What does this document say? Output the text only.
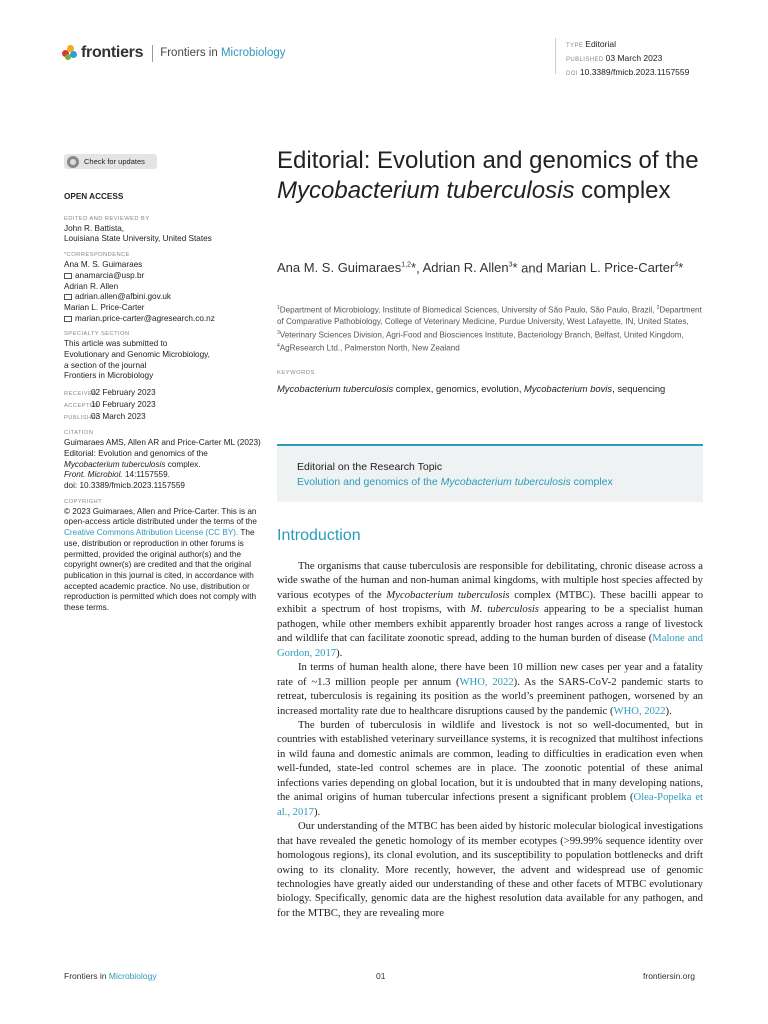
frontiers Frontiers in Microbiology
TYPE Editorial
PUBLISHED 03 March 2023
DOI 10.3389/fmicb.2023.1157559
Check for updates
OPEN ACCESS
EDITED AND REVIEWED BY
John R. Battista,
Louisiana State University, United States
*CORRESPONDENCE
Ana M. S. Guimaraes
anamarcia@usp.br
Adrian R. Allen
adrian.allen@afbini.gov.uk
Marian L. Price-Carter
marian.price-carter@agresearch.co.nz
SPECIALTY SECTION
This article was submitted to
Evolutionary and Genomic Microbiology,
a section of the journal
Frontiers in Microbiology
RECEIVED02 February 2023
ACCEPTED10 February 2023
PUBLISHED03 March 2023
CITATION
Guimaraes AMS, Allen AR and Price-Carter ML (2023) Editorial: Evolution and genomics of the Mycobacterium tuberculosis complex.
Front. Microbiol. 14:1157559.
doi: 10.3389/fmicb.2023.1157559
COPYRIGHT
© 2023 Guimaraes, Allen and Price-Carter. This is an open-access article distributed under the terms of the Creative Commons Attribution License (CC BY). The use, distribution or reproduction in other forums is permitted, provided the original author(s) and the copyright owner(s) are credited and that the original publication in this journal is cited, in accordance with accepted academic practice. No use, distribution or reproduction is permitted which does not comply with these terms.
Editorial: Evolution and genomics of the Mycobacterium tuberculosis complex
Ana M. S. Guimaraes$^{1,2}$*, Adrian R. Allen$^3$* and Marian L. Price-Carter$^4$*
$^1$Department of Microbiology, Institute of Biomedical Sciences, University of São Paulo, São Paulo, Brazil, $^2$Department of Comparative Pathobiology, College of Veterinary Medicine, Purdue University, West Lafayette, IN, United States, $^3$Veterinary Sciences Division, Agri-Food and Biosciences Institute, Bacteriology Branch, Belfast, United Kingdom, $^4$AgResearch Ltd., Palmerston North, New Zealand
KEYWORDS
Mycobacterium tuberculosis complex, genomics, evolution, Mycobacterium bovis, sequencing
Editorial on the Research Topic
Evolution and genomics of the Mycobacterium tuberculosis complex
Introduction

The organisms that cause tuberculosis are responsible for debilitating, chronic disease across a wide swathe of the human and non-human animal kingdoms, with multiple host species affected by various ecotypes of the Mycobacterium tuberculosis complex (MTBC). These bacilli appear to exhibit a spectrum of host tropisms, with M. tuberculosis appearing to be a specialist human pathogen, while other members exhibit apparently broader host ranges across a range of livestock and wildlife that can facilitate zoonotic spread, adding to the human burden of disease (Malone and Gordon, 2017).

In terms of human health alone, there have been 10 million new cases per year and a fatality rate of ~1.3 million people per annum (WHO, 2022). As the SARS-CoV-2 pandemic starts to retreat, tuberculosis is regaining its position as the world’s preeminent pathogen, worsened by an increased mortality rate due to healthcare disruptions caused by the pandemic (WHO, 2022).

The burden of tuberculosis in wildlife and livestock is not so well-documented, but in countries with established veterinary surveillance systems, it is recognized that multihost infections in wild fauna and domestic animals are common, leading to difficulties in eradication even when well-funded, state-led control schemes are in place. The zoonotic potential of these animal infections varies depending on global location, but it is undoubted that in many developing nations, the animal origins of human tubercular infections present a significant problem (Olea-Popelka et al., 2017).

Our understanding of the MTBC has been aided by historic molecular biological investigations that have revealed the genetic homology of its member ecotypes (>99.99% sequence identity over homologous regions), its clonal evolution, and its susceptibility to population bottlenecks and drift owing to its clonality. More recently, however, the advent and widespread use of genomic technologies have greatly aided our understanding of these and other facets of MTBC evolutionary biology. Specifically, genomic data are the highest resolution data available for any pathogen, and for the MTBC, they are revealing more

Frontiers in Microbiology	01	frontiersin.org
